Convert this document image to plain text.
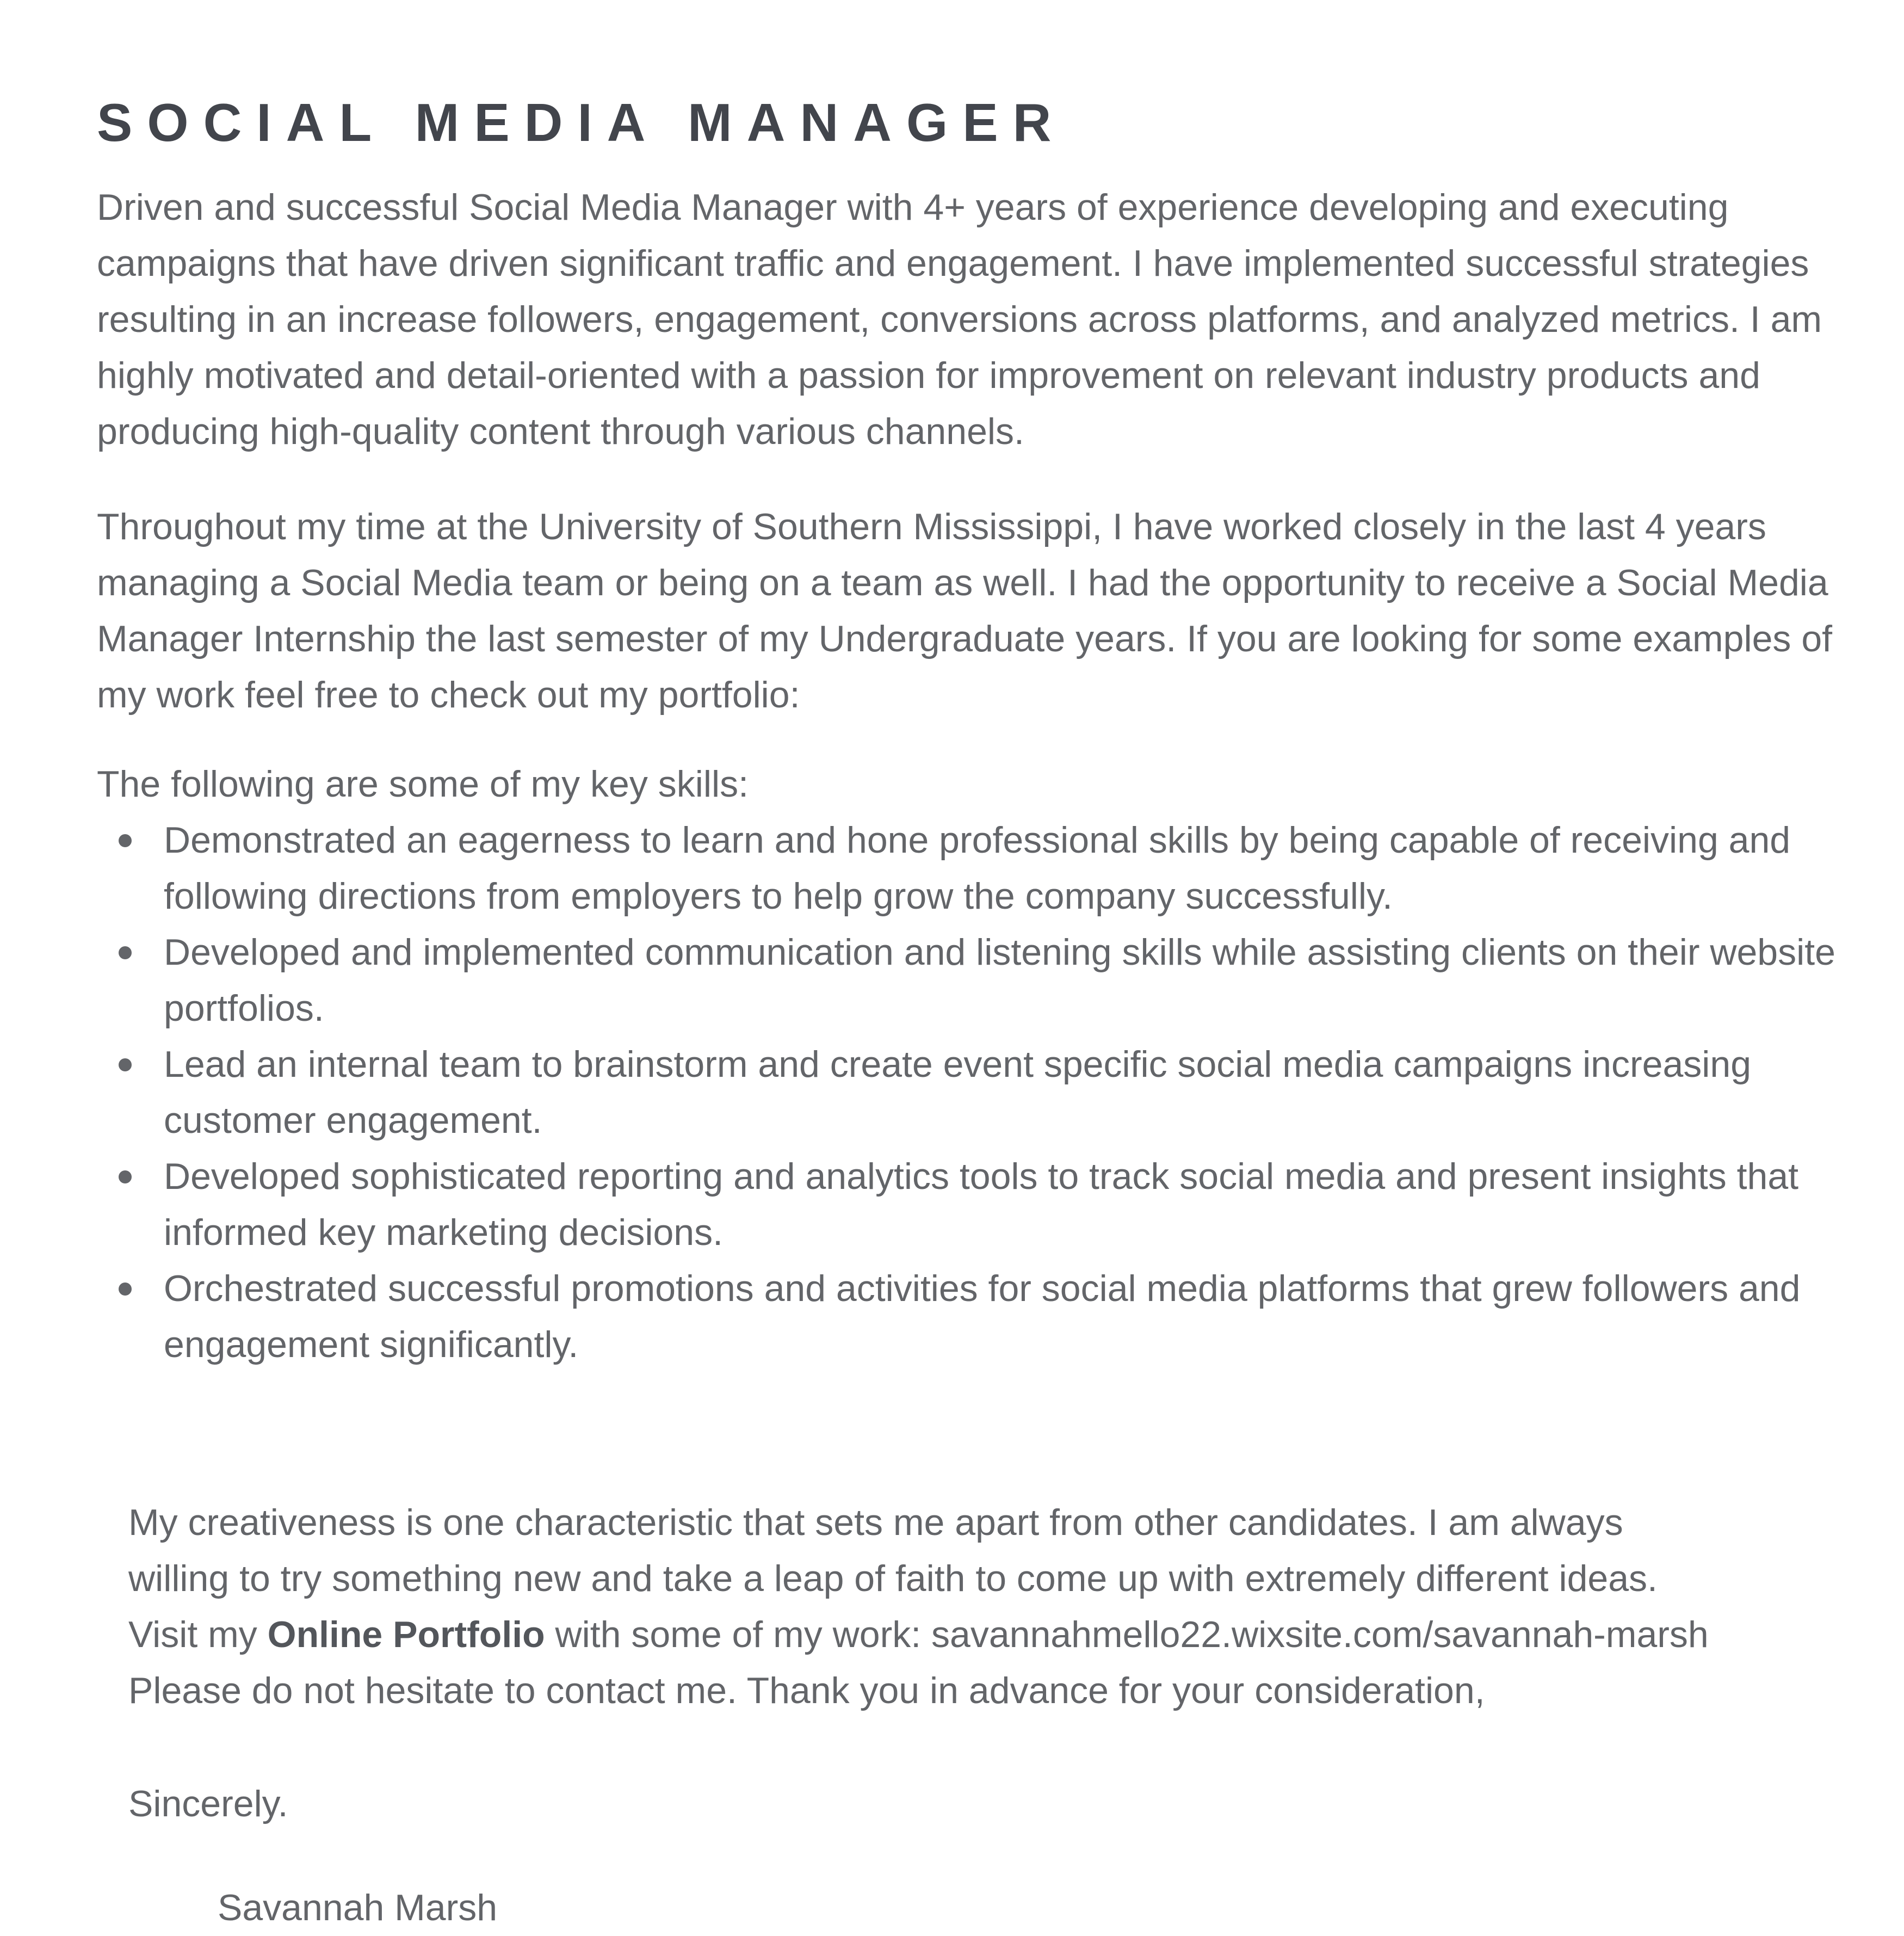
SOCIAL MEDIA MANAGER

Driven and successful Social Media Manager with 4+ years of experience developing and executing campaigns that have driven significant traffic and engagement. I have implemented successful strategies resulting in an increase followers, engagement, conversions across platforms, and analyzed metrics. I am highly motivated and detail-oriented with a passion for improvement on relevant industry products and producing high-quality content through various channels.

Throughout my time at the University of Southern Mississippi, I have worked closely in the last 4 years managing a Social Media team or being on a team as well. I had the opportunity to receive a Social Media Manager Internship the last semester of my Undergraduate years. If you are looking for some examples of my work feel free to check out my portfolio:

The following are some of my key skills:

Demonstrated an eagerness to learn and hone professional skills by being capable of receiving and following directions from employers to help grow the company successfully.
Developed and implemented communication and listening skills while assisting clients on their website portfolios.
Lead an internal team to brainstorm and create event specific social media campaigns increasing customer engagement.
Developed sophisticated reporting and analytics tools to track social media and present insights that informed key marketing decisions.
Orchestrated successful promotions and activities for social media platforms that grew followers and engagement significantly.

My creativeness is one characteristic that sets me apart from other candidates. I am always
willing to try something new and take a leap of faith to come up with extremely different ideas.
Visit my Online Portfolio with some of my work: savannahmello22.wixsite.com/savannah-marsh
Please do not hesitate to contact me. Thank you in advance for your consideration,

Sincerely.

Savannah Marsh
